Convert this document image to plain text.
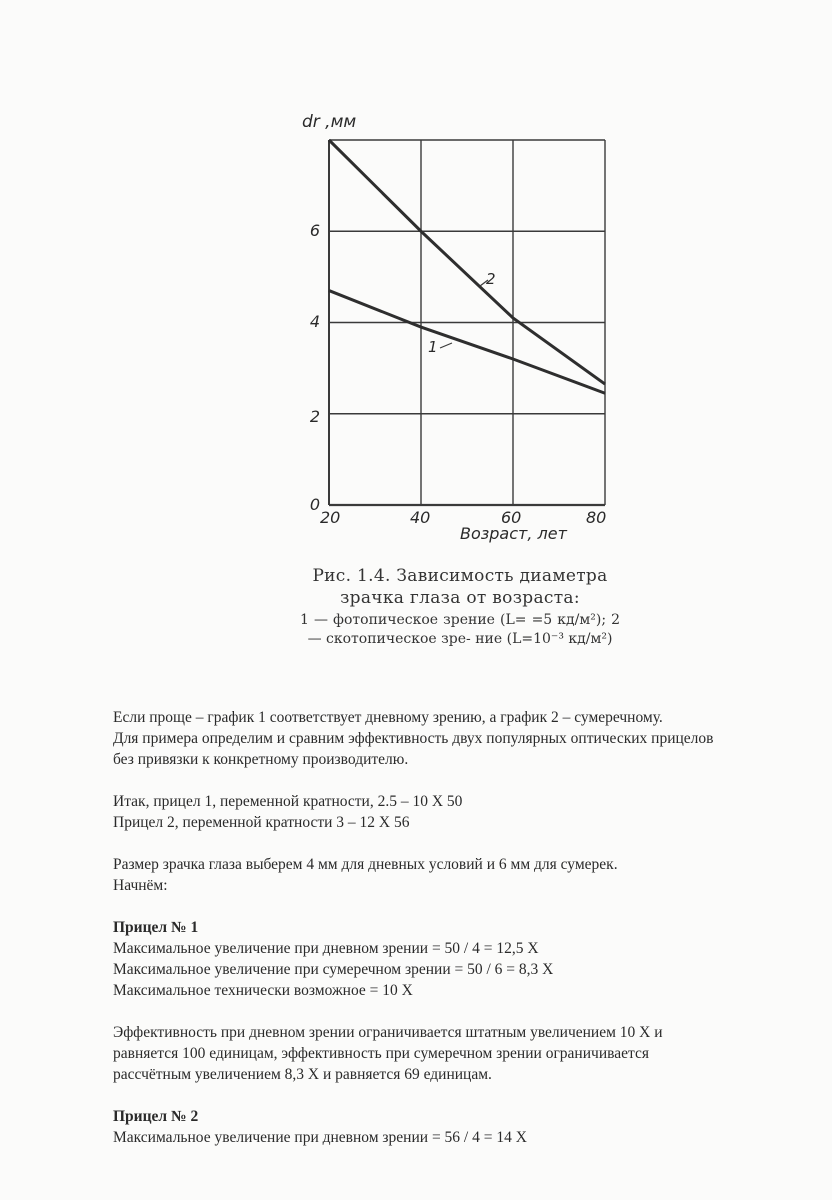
dr ,мм
0
2
4
6
20	40	60	80
Возраст, лет
1
2
Рис. 1.4. Зависимость диаметра
зрачка глаза от возраста:
1 — фотопическое зрение (L= =5 кд/м²); 2 — скотопическое зре- ние (L=10⁻³ кд/м²)

Если проще – график 1 соответствует дневному зрению, а график 2 – сумеречному.

Для примера определим и сравним эффективность двух популярных оптических прицелов

без привязки к конкретному производителю.

Итак, прицел 1, переменной кратности, 2.5 – 10 X 50

Прицел 2, переменной кратности 3 – 12 X 56

Размер зрачка глаза выберем 4 мм для дневных условий и 6 мм для сумерек.

Начнём:

Прицел № 1

Максимальное увеличение при дневном зрении = 50 / 4 = 12,5 X

Максимальное увеличение при сумеречном зрении = 50 / 6 = 8,3 X

Максимальное технически возможное = 10 X

Эффективность при дневном зрении ограничивается штатным увеличением 10 X и

равняется 100 единицам, эффективность при сумеречном зрении ограничивается

рассчётным увеличением 8,3 X и равняется 69 единицам.

Прицел № 2

Максимальное увеличение при дневном зрении = 56 / 4 = 14 X
